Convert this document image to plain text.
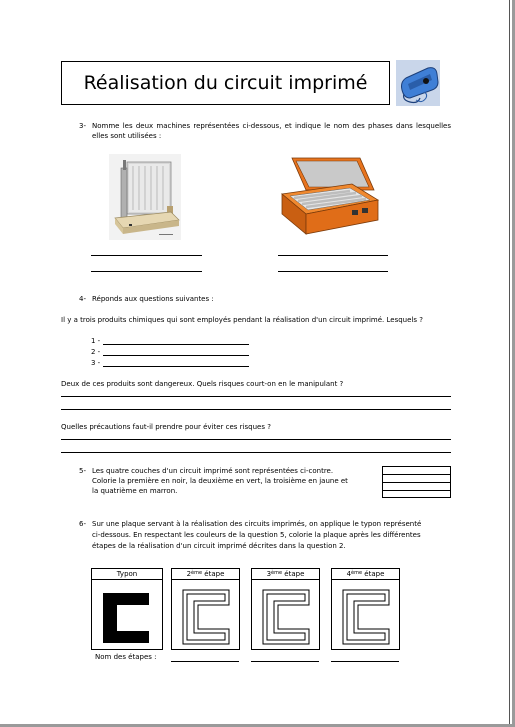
Réalisation du circuit imprimé
3- Nomme les deux machines représentées ci-dessous, et indique le nom des phases dans lesquelles elles sont utilisées :
4- Réponds aux questions suivantes :
Il y a trois produits chimiques qui sont employés pendant la réalisation d'un circuit imprimé. Lesquels ?
1 -
2 -
3 -
Deux de ces produits sont dangereux. Quels risques court-on en le manipulant ?
Quelles précautions faut-il prendre pour éviter ces risques ?
5- Les quatre couches d'un circuit imprimé sont représentées ci-contre.
Colorie la première en noir, la deuxième en vert, la troisième en jaune et
la quatrième en marron.
6- Sur une plaque servant à la réalisation des circuits imprimés, on applique le typon représenté
ci-dessous. En respectant les couleurs de la question 5, colorie la plaque après les différentes
étapes de la réalisation d'un circuit imprimé décrites dans la question 2.
Typon	2ème étape	3ème étape	4ème étape
Nom des étapes :
